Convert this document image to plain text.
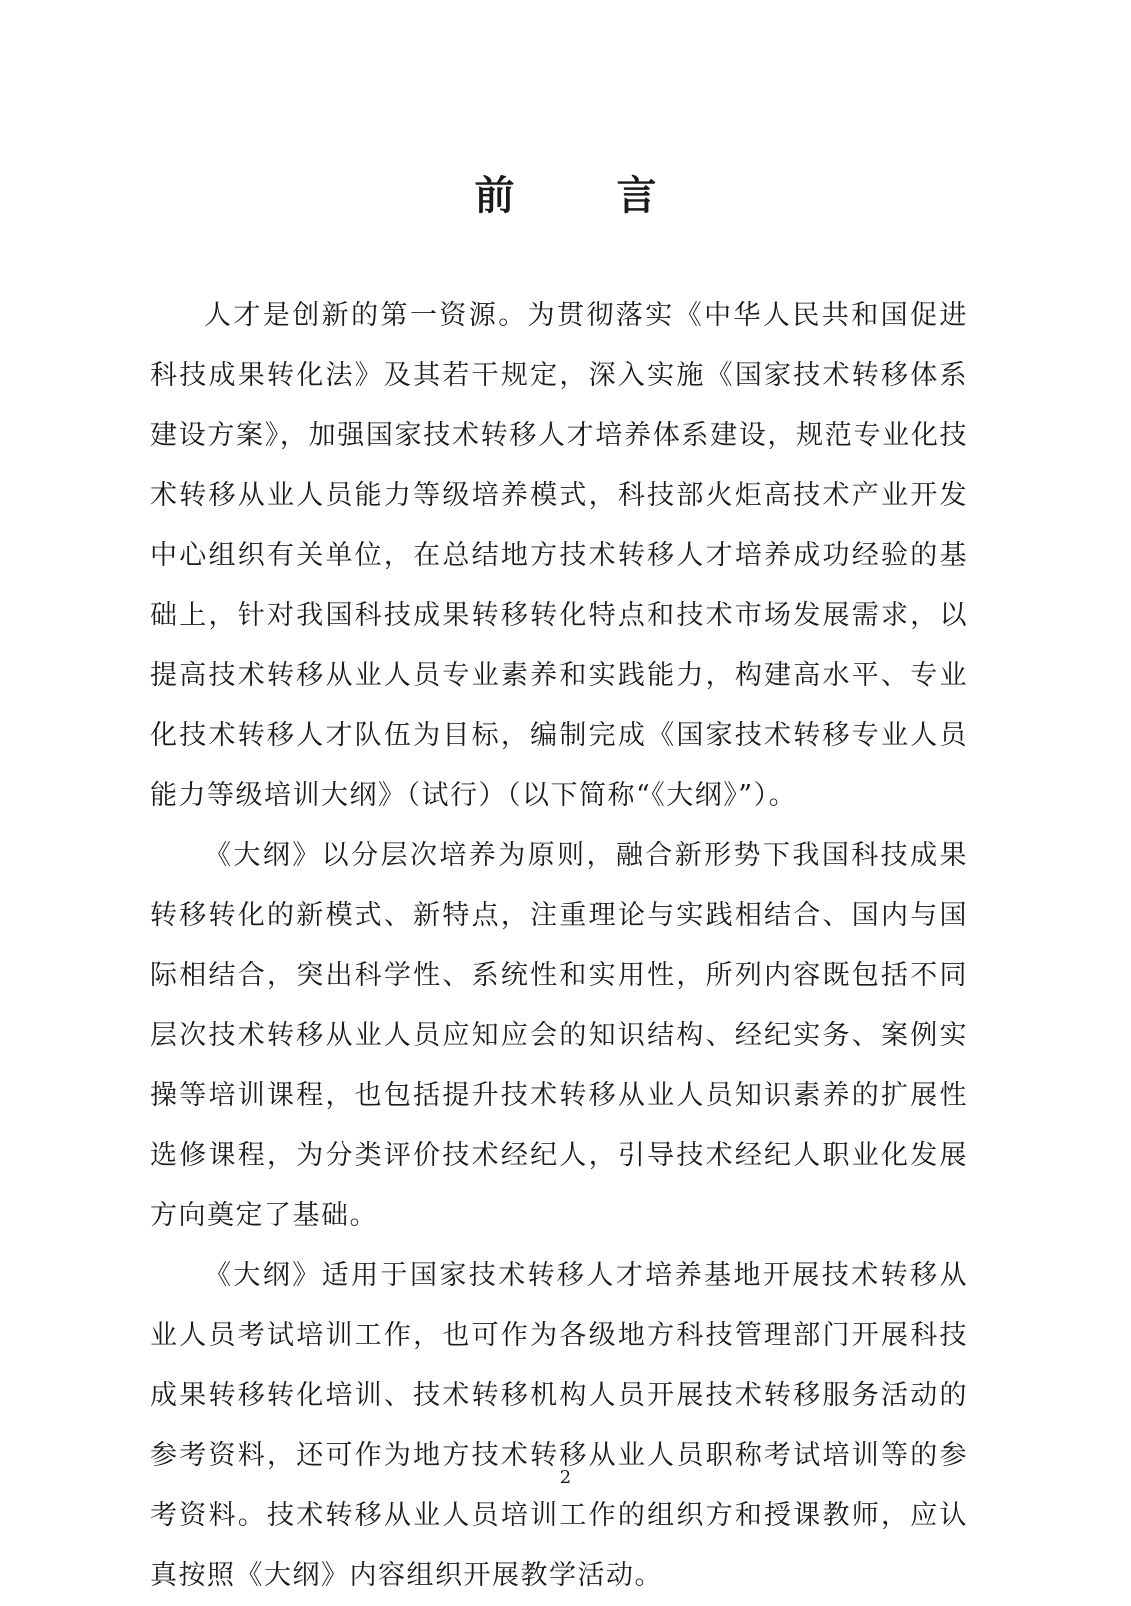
前 言

人才是创新的第一资源。为贯彻落实《中华人民共和国促进科技成果转化法》及其若干规定，深入实施《国家技术转移体系建设方案》，加强国家技术转移人才培养体系建设，规范专业化技术转移从业人员能力等级培养模式，科技部火炬高技术产业开发中心组织有关单位，在总结地方技术转移人才培养成功经验的基础上，针对我国科技成果转移转化特点和技术市场发展需求，以提高技术转移从业人员专业素养和实践能力，构建高水平、专业化技术转移人才队伍为目标，编制完成《国家技术转移专业人员能力等级培训大纲》（试行）（以下简称“《大纲》”）。

《大纲》以分层次培养为原则，融合新形势下我国科技成果转移转化的新模式、新特点，注重理论与实践相结合、国内与国际相结合，突出科学性、系统性和实用性，所列内容既包括不同层次技术转移从业人员应知应会的知识结构、经纪实务、案例实操等培训课程，也包括提升技术转移从业人员知识素养的扩展性选修课程，为分类评价技术经纪人，引导技术经纪人职业化发展方向奠定了基础。

《大纲》适用于国家技术转移人才培养基地开展技术转移从业人员考试培训工作，也可作为各级地方科技管理部门开展科技成果转移转化培训、技术转移机构人员开展技术转移服务活动的参考资料，还可作为地方技术转移从业人员职称考试培训等的参考资料。技术转移从业人员培训工作的组织方和授课教师，应认真按照《大纲》内容组织开展教学活动。

2
